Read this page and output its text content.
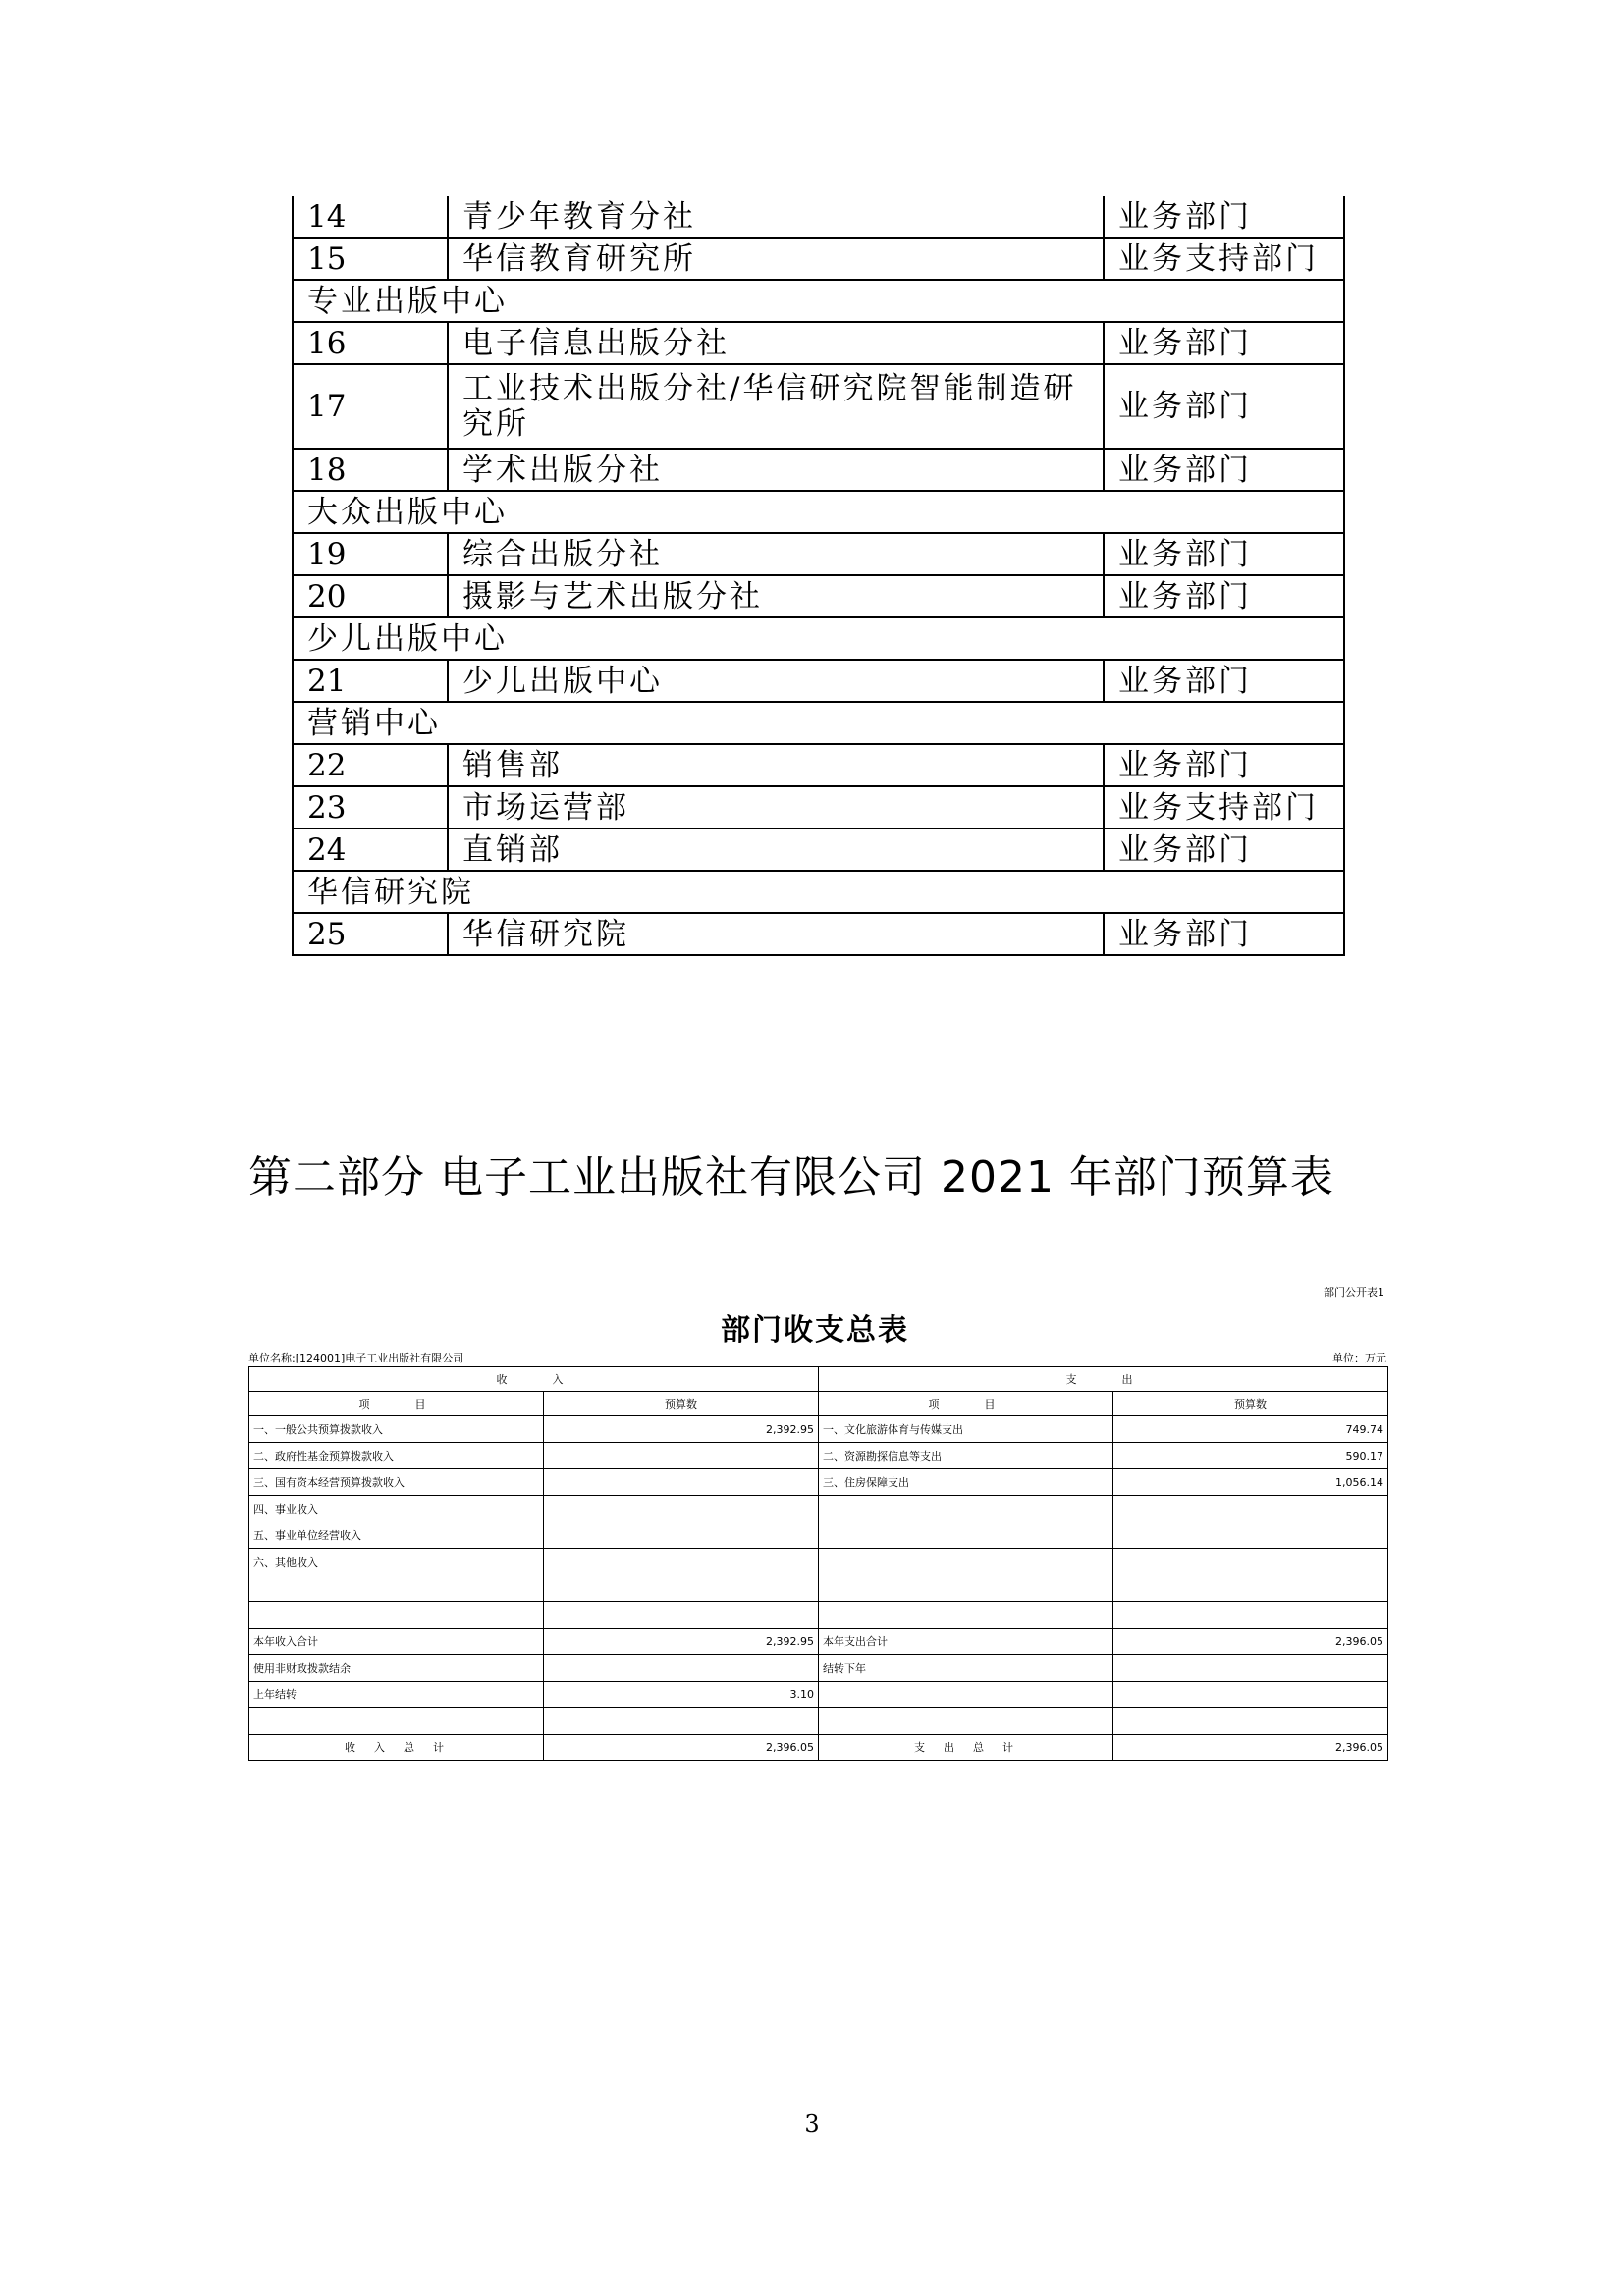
14	青少年教育分社	业务部门
15	华信教育研究所	业务支持部门
专业出版中心		
16	电子信息出版分社	业务部门
17	工业技术出版分社/华信研究院智能制造研究所	业务部门
18	学术出版分社	业务部门
大众出版中心		
19	综合出版分社	业务部门
20	摄影与艺术出版分社	业务部门
少儿出版中心		
21	少儿出版中心	业务部门
营销中心		
22	销售部	业务部门
23	市场运营部	业务支持部门
24	直销部	业务部门
华信研究院		
25	华信研究院	业务部门
第二部分 电子工业出版社有限公司 2021 年部门预算表
部门公开表1
部门收支总表
单位名称:[124001]电子工业出版社有限公司	单位：万元
收　　入		支　　出	
项　　目	预算数	项　　目	预算数
一、一般公共预算拨款收入	2,392.95	一、文化旅游体育与传媒支出	749.74
二、政府性基金预算拨款收入		二、资源勘探信息等支出	590.17
三、国有资本经营预算拨款收入		三、住房保障支出	1,056.14
四、事业收入			
五、事业单位经营收入			
六、其他收入			

本年收入合计	2,392.95	本年支出合计	2,396.05
使用非财政拨款结余		结转下年	
上年结转	3.10		

收　入　总　计	2,396.05	支　出　总　计	2,396.05
3
